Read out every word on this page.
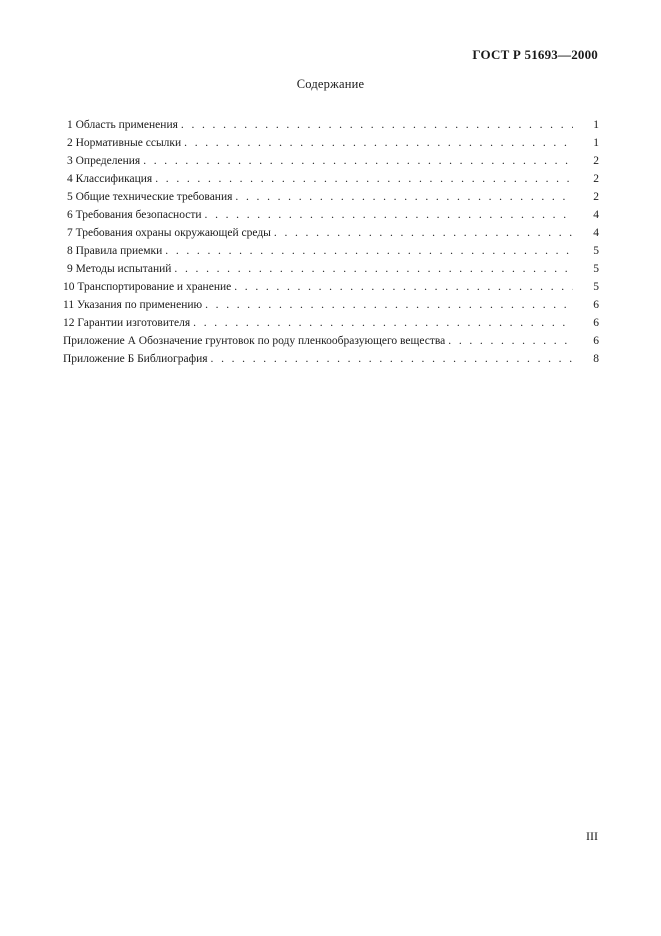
ГОСТ Р 51693—2000
Содержание
1 Область применения . . .	1
2 Нормативные ссылки . . .	1
3 Определения . . .	2
4 Классификация . . .	2
5 Общие технические требования . . .	2
6 Требования безопасности . . .	4
7 Требования охраны окружающей среды . . .	4
8 Правила приемки . . .	5
9 Методы испытаний . . .	5
10 Транспортирование и хранение . . .	5
11 Указания по применению . . .	6
12 Гарантии изготовителя . . .	6
Приложение А Обозначение грунтовок по роду пленкообразующего вещества . . .	6
Приложение Б Библиография . . .	8
III
